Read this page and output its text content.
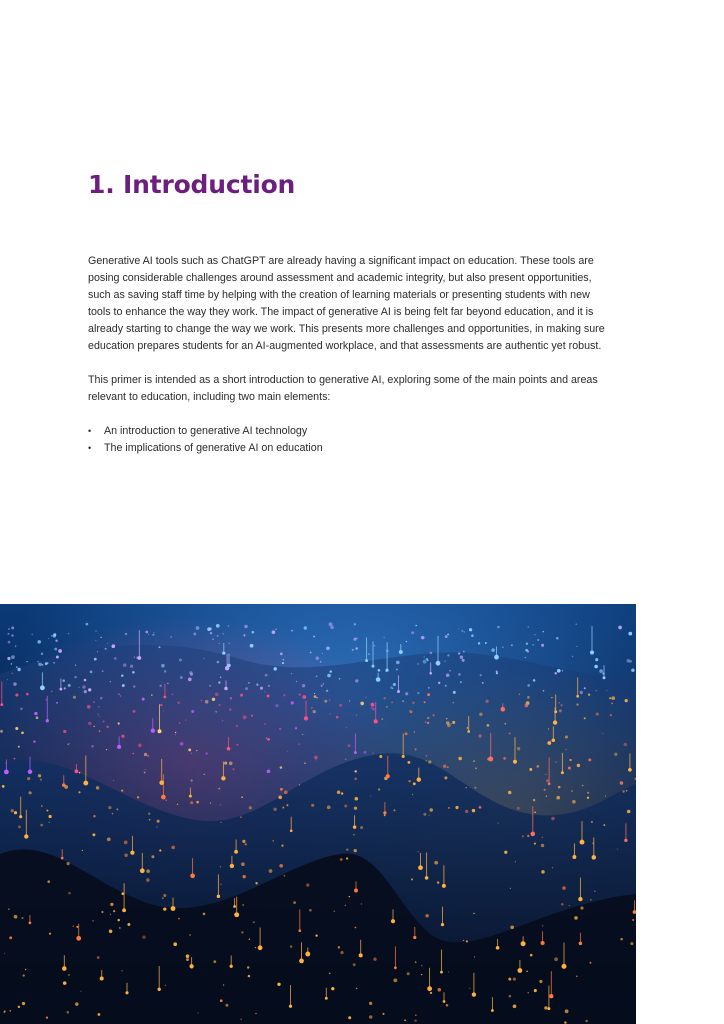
1. Introduction

Generative AI tools such as ChatGPT are already having a significant impact on education. These tools are posing considerable challenges around assessment and academic integrity, but also present opportunities, such as saving staff time by helping with the creation of learning materials or presenting students with new tools to enhance the way they work. The impact of generative AI is being felt far beyond education, and it is already starting to change the way we work. This presents more challenges and opportunities, in making sure education prepares students for an AI-augmented workplace, and that assessments are authentic yet robust.

This primer is intended as a short introduction to generative AI, exploring some of the main points and areas relevant to education, including two main elements:

• An introduction to generative AI technology
• The implications of generative AI on education
